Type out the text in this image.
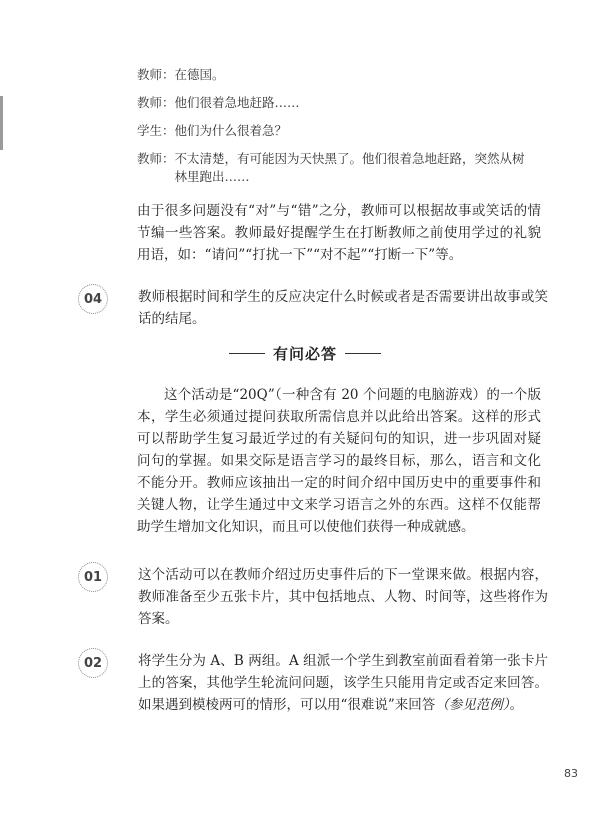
教师： 在德国。
教师： 他们很着急地赶路……
学生： 他们为什么很着急？
教师： 不太清楚，有可能因为天快黑了。他们很着急地赶路，突然从树林里跑出……
由于很多问题没有“对”与“错”之分，教师可以根据故事或笑话的情节编一些答案。教师最好提醒学生在打断教师之前使用学过的礼貌用语，如：“请问”“打扰一下”“对不起”“打断一下”等。
04	教师根据时间和学生的反应决定什么时候或者是否需要讲出故事或笑话的结尾。
有问必答
这个活动是“20Q”（一种含有 20 个问题的电脑游戏）的一个版本，学生必须通过提问获取所需信息并以此给出答案。这样的形式可以帮助学生复习最近学过的有关疑问句的知识，进一步巩固对疑问句的掌握。如果交际是语言学习的最终目标，那么，语言和文化不能分开。教师应该抽出一定的时间介绍中国历史中的重要事件和关键人物，让学生通过中文来学习语言之外的东西。这样不仅能帮助学生增加文化知识，而且可以使他们获得一种成就感。
01	这个活动可以在教师介绍过历史事件后的下一堂课来做。根据内容，教师准备至少五张卡片，其中包括地点、人物、时间等，这些将作为答案。
02	将学生分为 A、B 两组。A 组派一个学生到教室前面看着第一张卡片上的答案，其他学生轮流问问题，该学生只能用肯定或否定来回答。如果遇到模棱两可的情形，可以用“很难说”来回答（参见范例）。
83
